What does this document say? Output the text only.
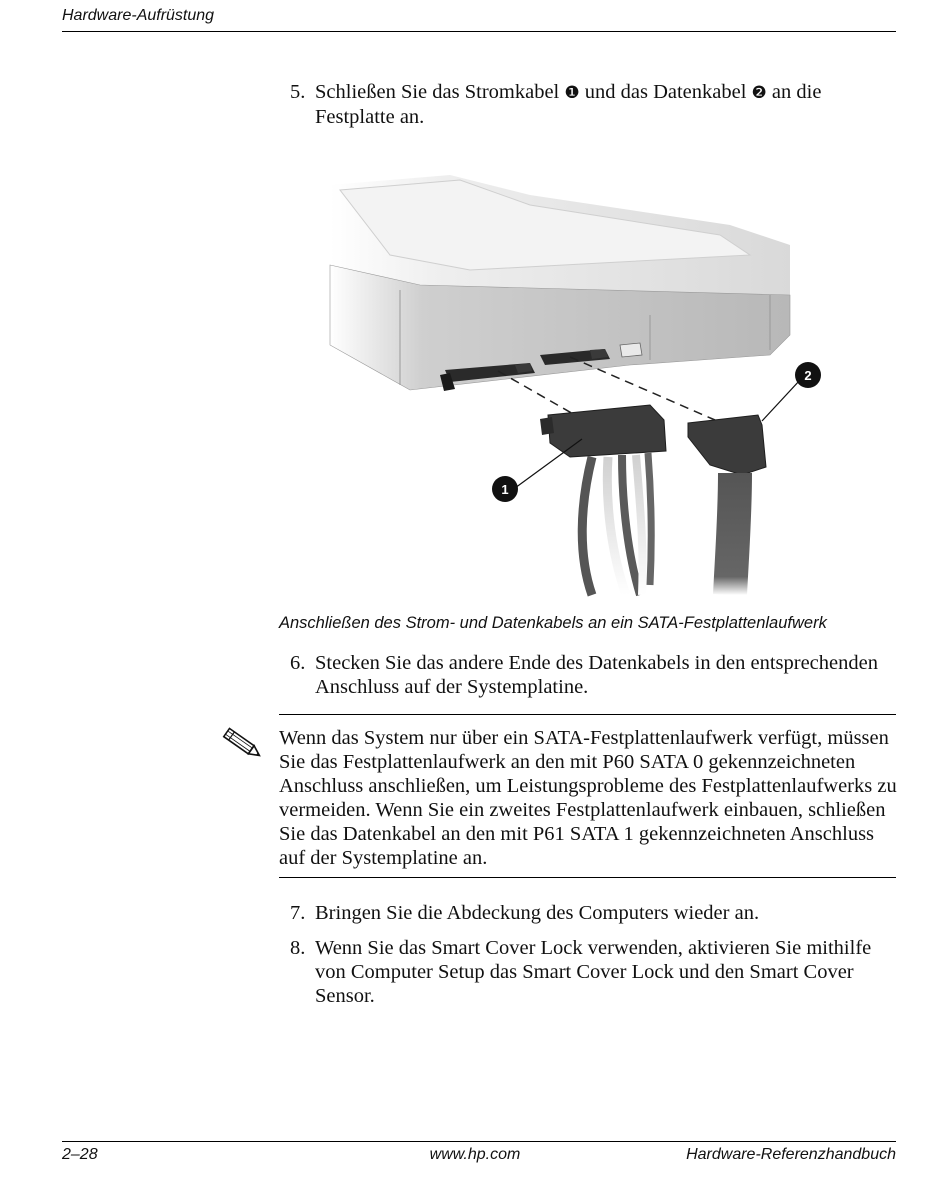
Hardware-Aufrüstung
5. Schließen Sie das Stromkabel ❶ und das Datenkabel ❷ an die Festplatte an.
1
2
Anschließen des Strom- und Datenkabels an ein SATA-Festplattenlaufwerk
6. Stecken Sie das andere Ende des Datenkabels in den entsprechenden Anschluss auf der Systemplatine.
Wenn das System nur über ein SATA-Festplattenlaufwerk verfügt, müssen Sie das Festplattenlaufwerk an den mit P60 SATA 0 gekennzeichneten Anschluss anschließen, um Leistungsprobleme des Festplattenlaufwerks zu vermeiden. Wenn Sie ein zweites Festplattenlaufwerk einbauen, schließen Sie das Datenkabel an den mit P61 SATA 1 gekennzeichneten Anschluss auf der Systemplatine an.
7. Bringen Sie die Abdeckung des Computers wieder an.
8. Wenn Sie das Smart Cover Lock verwenden, aktivieren Sie mithilfe von Computer Setup das Smart Cover Lock und den Smart Cover Sensor.
2–28	www.hp.com	Hardware-Referenzhandbuch
